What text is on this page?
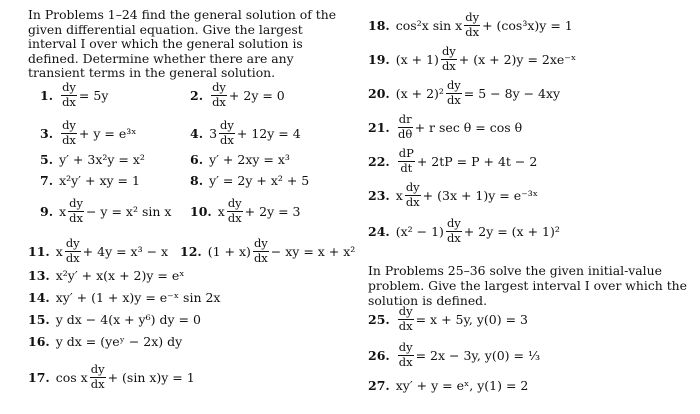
In Problems 1–24 find the general solution of the given differential equation. Give the largest interval I over which the general solution is defined. Determine whether there are any transient terms in the general solution.

1. $\frac{dy}{dx} = 5y$	2. $\frac{dy}{dx} + 2y = 0$
3. $\frac{dy}{dx} + y$ = e³ˣ	4. $3 \frac{dy}{dx} + 12y = 4$
5. y′ + 3x²y = x²	6. y′ + 2xy = x³
7. x²y′ + xy = 1	8. y′ = 2y + x² + 5
9. x $\frac{dy}{dx} - y = x^2$ sin x 10. x $\frac{dy}{dx} + 2y = 3$
11. x $\frac{dy}{dx} + 4y = x^3 - x$ 12. $(1 + x) \frac{dy}{dx}$ − xy = x + x²
13. x²y′ + x(x + 2)y = eˣ
14. xy′ + (1 + x)y = e⁻ˣ sin 2x
15. y dx − 4(x + y⁶) dy = 0
16. y dx = (yeʸ − 2x) dy
17. cos x $\frac{dy}{dx} + (\sin$ x)y = 1
18. cos²x sin x $\frac{dy}{dx} + (\cos^3x)y = 1$
19. $(x + 1) \frac{dy}{dx} + (x + 2)y$ = 2xe⁻ˣ
20. $(x + 2)^2 \frac{dy}{dx} = 5 - 8y - 4xy$
21. $\frac{dr}{d\theta} + r$ sec θ = cos θ
22. $\frac{dP}{dt} + 2tP = P + 4t - 2$
23. x $\frac{dy}{dx} + (3x + 1)y$ = e⁻³ˣ
24. $(x^2 - 1) \frac{dy}{dx} + 2y = (x + 1)^2$
In Problems 25–36 solve the given initial-value problem. Give the largest interval I over which the solution is defined.
25. $\frac{dy}{dx} = x + 5y$, y(0) = 3
26. $\frac{dy}{dx} = 2x - 3y$, y(0) = ⅓
27. xy′ + y = eˣ, y(1) = 2
